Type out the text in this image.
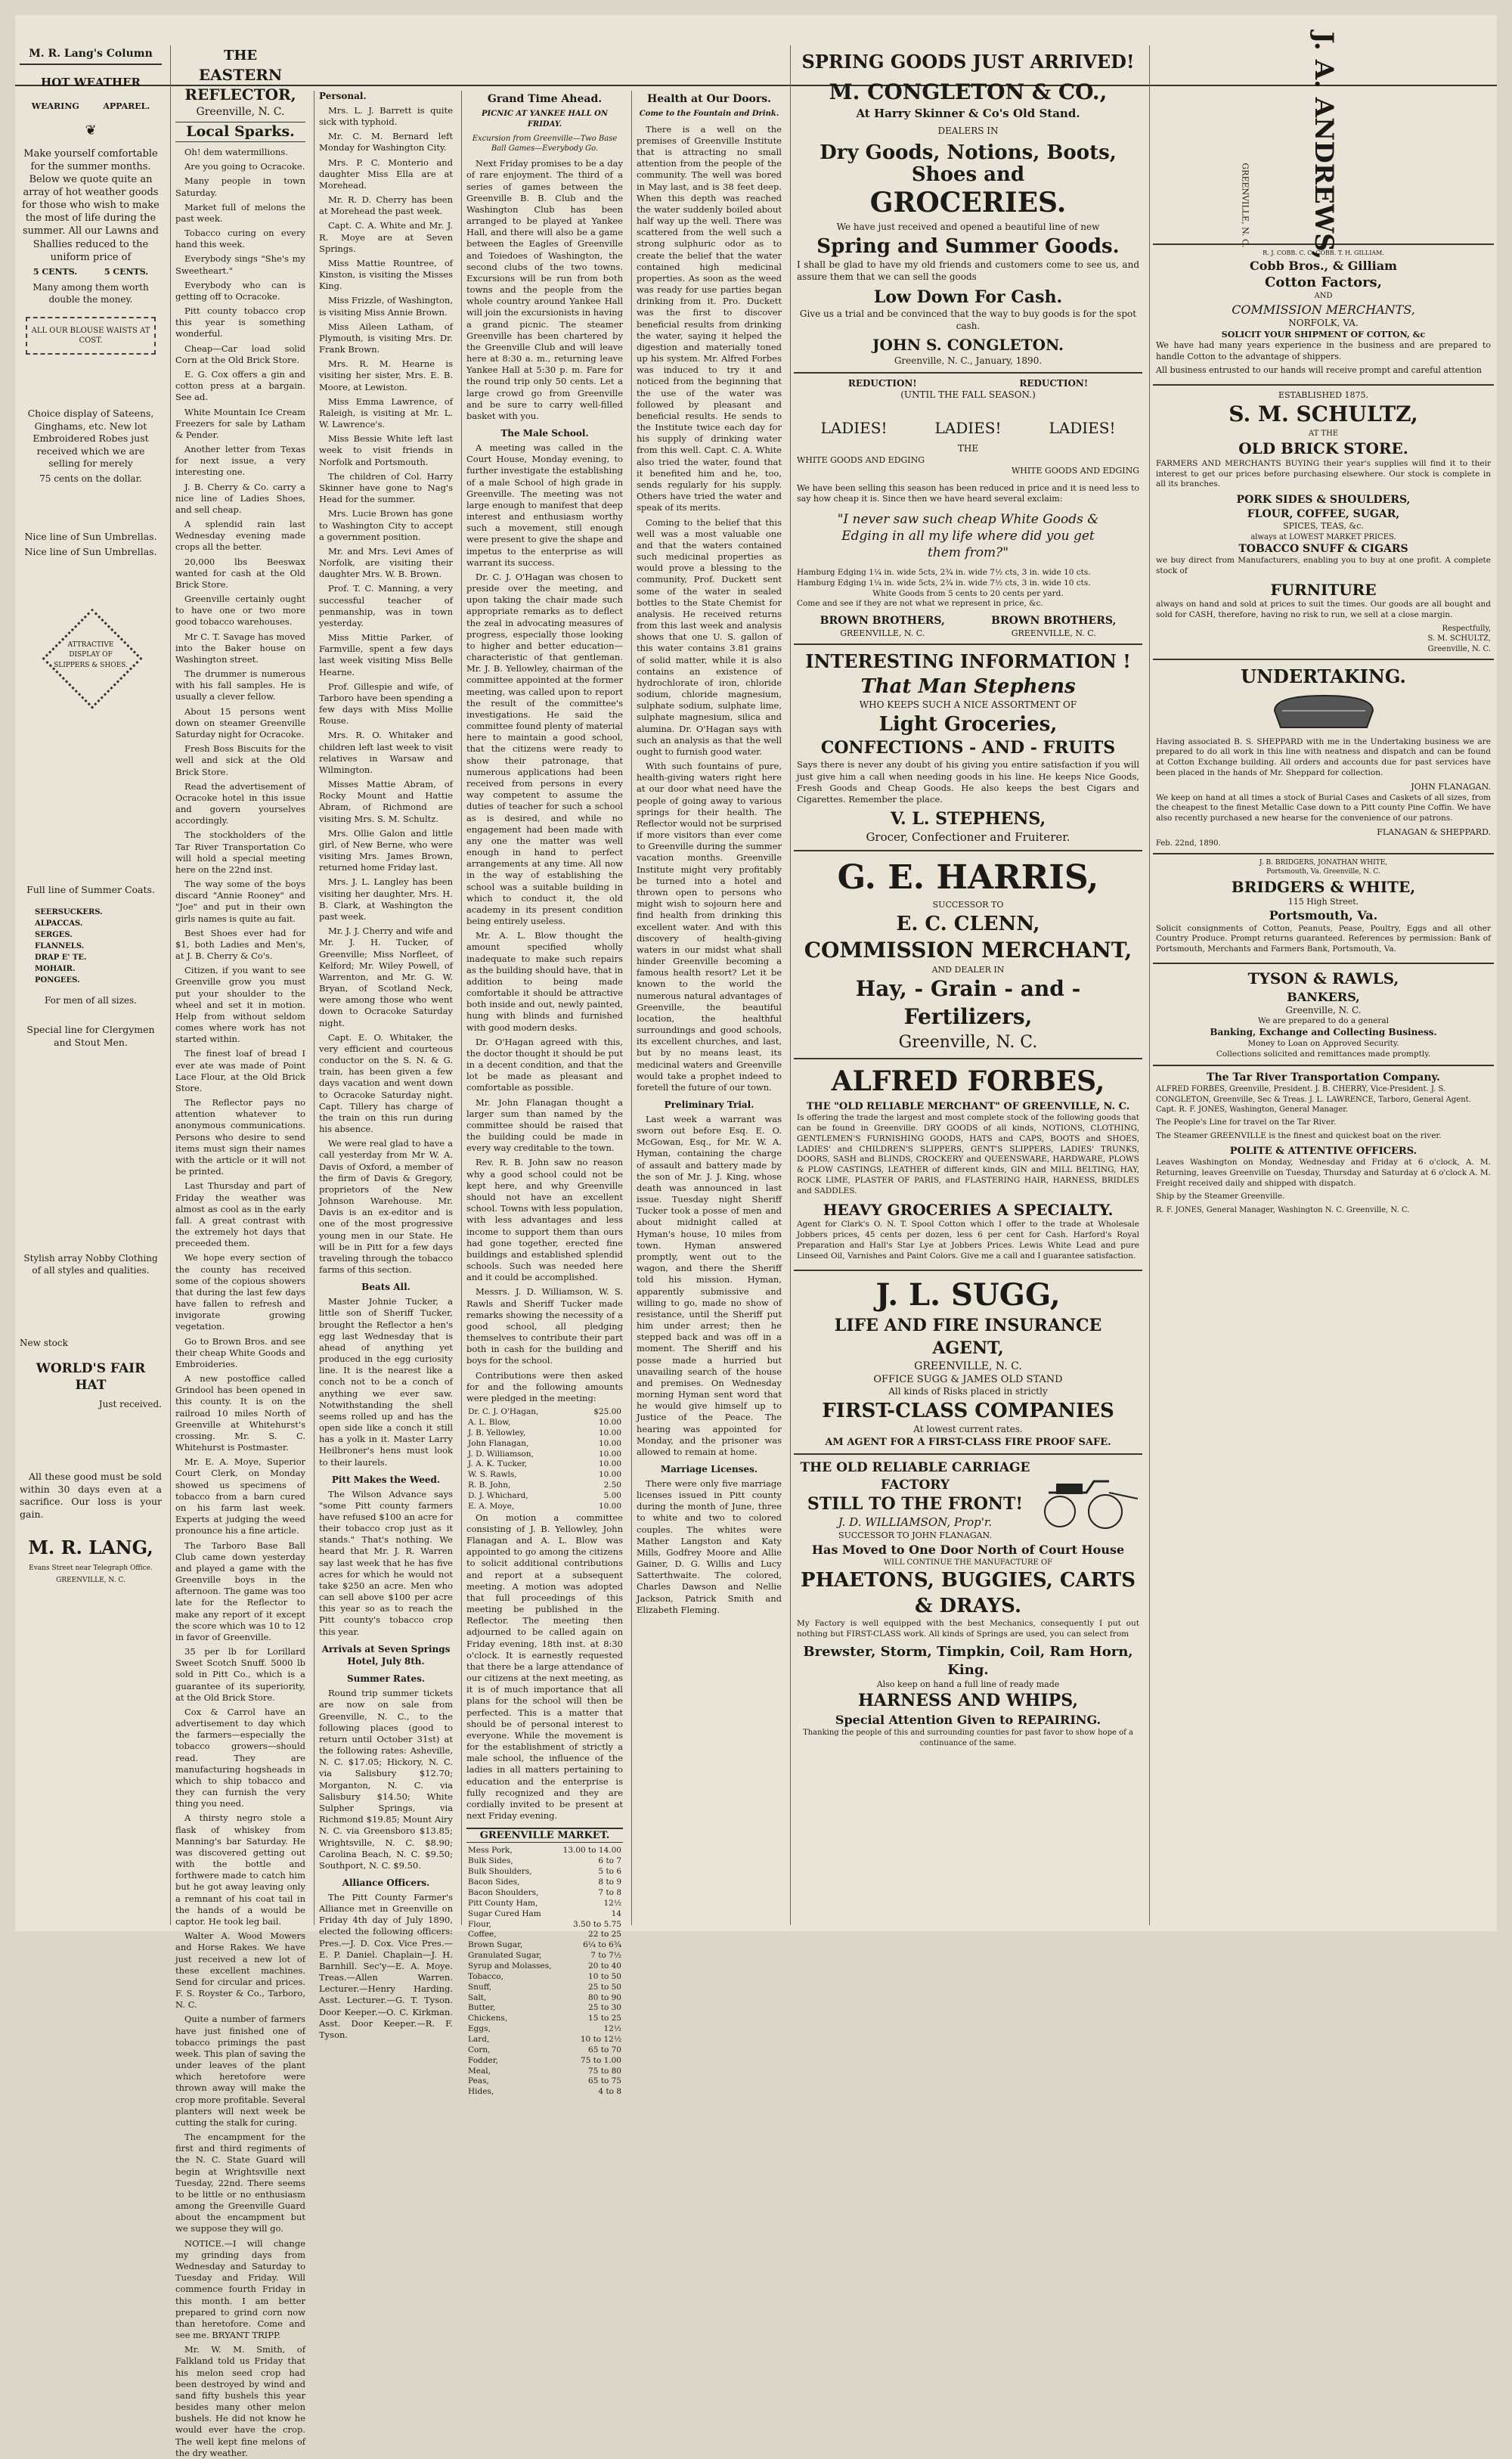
M. R. Lang's Column
HOT WEATHER
WEARING	APPAREL.
❦

Make yourself comfortable for the summer months. Below we quote quite an array of hot weather goods for those who wish to make the most of life during the summer. All our Lawns and Shallies reduced to the uniform price of

5 CENTS.	5 CENTS.

Many among them worth double the money.

ALL OUR BLOUSE WAISTS AT COST.

Choice display of Sateens, Ginghams, etc. New lot Embroidered Robes just received which we are selling for merely

75 cents on the dollar.

Nice line of Sun Umbrellas.

Nice line of Sun Umbrellas.

ATTRACTIVE
DISPLAY OF
SLIPPERS & SHOES.

Full line of Summer Coats.

SEERSUCKERS.
ALPACCAS.
SERGES.
FLANNELS.
DRAP E' TE.
MOHAIR.
PONGEES.

For men of all sizes.

Special line for Clergymen and Stout Men.

Stylish array Nobby Clothing of all styles and qualities.

New stock

WORLD'S FAIR HAT

Just received.

All these good must be sold within 30 days even at a sacrifice. Our loss is your gain.

M. R. LANG,

Evans Street near Telegraph Office.

GREENVILLE, N. C.

THE
EASTERN REFLECTOR,
Greenville, N. C.
Local Sparks.

Oh! dem watermillions.

Are you going to Ocracoke.

Many people in town Saturday.

Market full of melons the past week.

Tobacco curing on every hand this week.

Everybody sings "She's my Sweetheart."

Everybody who can is getting off to Ocracoke.

Pitt county tobacco crop this year is something wonderful.

Cheap—Car load solid Corn at the Old Brick Store.

E. G. Cox offers a gin and cotton press at a bargain. See ad.

White Mountain Ice Cream Freezers for sale by Latham & Pender.

Another letter from Texas for next issue, a very interesting one.

J. B. Cherry & Co. carry a nice line of Ladies Shoes, and sell cheap.

A splendid rain last Wednesday evening made crops all the better.

20,000 lbs Beeswax wanted for cash at the Old Brick Store.

Greenville certainly ought to have one or two more good tobacco warehouses.

Mr C. T. Savage has moved into the Baker house on Washington street.

The drummer is numerous with his fall samples. He is usually a clever fellow.

About 15 persons went down on steamer Greenville Saturday night for Ocracoke.

Fresh Boss Biscuits for the well and sick at the Old Brick Store.

Read the advertisement of Ocracoke hotel in this issue and govern yourselves accordingly.

The stockholders of the Tar River Transportation Co will hold a special meeting here on the 22nd inst.

The way some of the boys discard "Annie Rooney" and "Joe" and put in their own girls names is quite au fait.

Best Shoes ever had for $1, both Ladies and Men's, at J. B. Cherry & Co's.

Citizen, if you want to see Greenville grow you must put your shoulder to the wheel and set it in motion. Help from without seldom comes where work has not started within.

The finest loaf of bread I ever ate was made of Point Lace Flour, at the Old Brick Store.

The Reflector pays no attention whatever to anonymous communications. Persons who desire to send items must sign their names with the article or it will not be printed.

Last Thursday and part of Friday the weather was almost as cool as in the early fall. A great contrast with the extremely hot days that preceeded them.

We hope every section of the county has received some of the copious showers that during the last few days have fallen to refresh and invigorate growing vegetation.

Go to Brown Bros. and see their cheap White Goods and Embroideries.

A new postoffice called Grindool has been opened in this county. It is on the railroad 10 miles North of Greenville at Whitehurst's crossing. Mr. S. C. Whitehurst is Postmaster.

Mr. E. A. Moye, Superior Court Clerk, on Monday showed us specimens of tobacco from a barn cured on his farm last week. Experts at judging the weed pronounce his a fine article.

The Tarboro Base Ball Club came down yesterday and played a game with the Greenville boys in the afternoon. The game was too late for the Reflector to make any report of it except the score which was 10 to 12 in favor of Greenville.

35 per lb for Lorillard Sweet Scotch Snuff. 5000 lb sold in Pitt Co., which is a guarantee of its superiority, at the Old Brick Store.

Cox & Carrol have an advertisement to day which the farmers—especially the tobacco growers—should read. They are manufacturing hogsheads in which to ship tobacco and they can furnish the very thing you need.

A thirsty negro stole a flask of whiskey from Manning's bar Saturday. He was discovered getting out with the bottle and forthwere made to catch him but he got away leaving only a remnant of his coat tail in the hands of a would be captor. He took leg bail.

Walter A. Wood Mowers and Horse Rakes. We have just received a new lot of these excellent machines. Send for circular and prices. F. S. Royster & Co., Tarboro, N. C.

Quite a number of farmers have just finished one of tobacco primings the past week. This plan of saving the under leaves of the plant which heretofore were thrown away will make the crop more profitable. Several planters will next week be cutting the stalk for curing.

The encampment for the first and third regiments of the N. C. State Guard will begin at Wrightsville next Tuesday, 22nd. There seems to be little or no enthusiasm among the Greenville Guard about the encampment but we suppose they will go.

NOTICE.—I will change my grinding days from Wednesday and Saturday to Tuesday and Friday. Will commence fourth Friday in this month. I am better prepared to grind corn now than heretofore. Come and see me. BRYANT TRIPP.

Mr. W. M. Smith, of Falkland told us Friday that his melon seed crop had been destroyed by wind and sand fifty bushels this year besides many other melon bushels. He did not know he would ever have the crop. The well kept fine melons of the dry weather.

Personal.

Mrs. L. J. Barrett is quite sick with typhoid.

Mr. C. M. Bernard left Monday for Washington City.

Mrs. P. C. Monterio and daughter Miss Ella are at Morehead.

Mr. R. D. Cherry has been at Morehead the past week.

Capt. C. A. White and Mr. J. R. Moye are at Seven Springs.

Miss Mattie Rountree, of Kinston, is visiting the Misses King.

Miss Frizzle, of Washington, is visiting Miss Annie Brown.

Miss Aileen Latham, of Plymouth, is visiting Mrs. Dr. Frank Brown.

Mrs. R. M. Hearne is visiting her sister, Mrs. E. B. Moore, at Lewiston.

Miss Emma Lawrence, of Raleigh, is visiting at Mr. L. W. Lawrence's.

Miss Bessie White left last week to visit friends in Norfolk and Portsmouth.

The children of Col. Harry Skinner have gone to Nag's Head for the summer.

Mrs. Lucie Brown has gone to Washington City to accept a government position.

Mr. and Mrs. Levi Ames of Norfolk, are visiting their daughter Mrs. W. B. Brown.

Prof. T. C. Manning, a very successful teacher of penmanship, was in town yesterday.

Miss Mittie Parker, of Farmville, spent a few days last week visiting Miss Belle Hearne.

Prof. Gillespie and wife, of Tarboro have been spending a few days with Miss Mollie Rouse.

Mrs. R. O. Whitaker and children left last week to visit relatives in Warsaw and Wilmington.

Misses Mattie Abram, of Rocky Mount and Hattie Abram, of Richmond are visiting Mrs. S. M. Schultz.

Mrs. Ollie Galon and little girl, of New Berne, who were visiting Mrs. James Brown, returned home Friday last.

Mrs. J. L. Langley has been visiting her daughter, Mrs. H. B. Clark, at Washington the past week.

Mr. J. J. Cherry and wife and Mr. J. H. Tucker, of Greenville; Miss Norfleet, of Kelford; Mr. Wiley Powell, of Warrenton, and Mr. G. W. Bryan, of Scotland Neck, were among those who went down to Ocracoke Saturday night.

Capt. E. O. Whitaker, the very efficient and courteous conductor on the S. N. & G. train, has been given a few days vacation and went down to Ocracoke Saturday night. Capt. Tillery has charge of the train on this run during his absence.

We were real glad to have a call yesterday from Mr W. A. Davis of Oxford, a member of the firm of Davis & Gregory, proprietors of the New Johnson Warehouse. Mr. Davis is an ex-editor and is one of the most progressive young men in our State. He will be in Pitt for a few days traveling through the tobacco farms of this section.

Beats All.

Master Johnie Tucker, a little son of Sheriff Tucker, brought the Reflector a hen's egg last Wednesday that is ahead of anything yet produced in the egg curiosity line. It is the nearest like a conch not to be a conch of anything we ever saw. Notwithstanding the shell seems rolled up and has the open side like a conch it still has a yolk in it. Master Larry Heilbroner's hens must look to their laurels.

Pitt Makes the Weed.

The Wilson Advance says "some Pitt county farmers have refused $100 an acre for their tobacco crop just as it stands." That's nothing. We heard that Mr. J. R. Warren say last week that he has five acres for which he would not take $250 an acre. Men who can sell above $100 per acre this year so as to reach the Pitt county's tobacco crop this year.

Arrivals at Seven Springs Hotel, July 8th.
Summer Rates.

Round trip summer tickets are now on sale from Greenville, N. C., to the following places (good to return until October 31st) at the following rates: Asheville, N. C. $17.05; Hickory, N. C. via Salisbury $12.70; Morganton, N. C. via Salisbury $14.50; White Sulpher Springs, via Richmond $19.85; Mount Airy N. C. via Greensboro $13.85; Wrightsville, N. C. $8.90; Carolina Beach, N. C. $9.50; Southport, N. C. $9.50.

Alliance Officers.

The Pitt County Farmer's Alliance met in Greenville on Friday 4th day of July 1890, elected the following officers: Pres.—J. D. Cox. Vice Pres.—E. P. Daniel. Chaplain—J. H. Barnhill. Sec'y—E. A. Moye. Treas.—Allen Warren. Lecturer.—Henry Harding. Asst. Lecturer.—G. T. Tyson. Door Keeper.—O. C. Kirkman. Asst. Door Keeper.—R. F. Tyson.

Grand Time Ahead.
PICNIC AT YANKEE HALL ON FRIDAY.
Excursion from Greenville—Two Base Ball Games—Everybody Go.

Next Friday promises to be a day of rare enjoyment. The third of a series of games between the Greenville B. B. Club and the Washington Club has been arranged to be played at Yankee Hall, and there will also be a game between the Eagles of Greenville and Toiedoes of Washington, the second clubs of the two towns. Excursions will be run from both towns and the people from the whole country around Yankee Hall will join the excursionists in having a grand picnic. The steamer Greenville has been chartered by the Greenville Club and will leave here at 8:30 a. m., returning leave Yankee Hall at 5:30 p. m. Fare for the round trip only 50 cents. Let a large crowd go from Greenville and be sure to carry well-filled basket with you.

The Male School.

A meeting was called in the Court House, Monday evening, to further investigate the establishing of a male School of high grade in Greenville. The meeting was not large enough to manifest that deep interest and enthusiasm worthy such a movement, still enough were present to give the shape and impetus to the enterprise as will warrant its success.

Dr. C. J. O'Hagan was chosen to preside over the meeting, and upon taking the chair made such appropriate remarks as to deflect the zeal in advocating measures of progress, especially those looking to higher and better education—characteristic of that gentleman. Mr. J. B. Yellowley, chairman of the committee appointed at the former meeting, was called upon to report the result of the committee's investigations. He said the committee found plenty of material here to maintain a good school, that the citizens were ready to show their patronage, that numerous applications had been received from persons in every way competent to assume the duties of teacher for such a school as is desired, and while no engagement had been made with any one the matter was well enough in hand to perfect arrangements at any time. All now in the way of establishing the school was a suitable building in which to conduct it, the old academy in its present condition being entirely useless.

Mr. A. L. Blow thought the amount specified wholly inadequate to make such repairs as the building should have, that in addition to being made comfortable it should be attractive both inside and out, newly painted, hung with blinds and furnished with good modern desks.

Dr. O'Hagan agreed with this, the doctor thought it should be put in a decent condition, and that the lot be made as pleasant and comfortable as possible.

Mr. John Flanagan thought a larger sum than named by the committee should be raised that the building could be made in every way creditable to the town.

Rev. R. B. John saw no reason why a good school could not be kept here, and why Greenville should not have an excellent school. Towns with less population, with less advantages and less income to support them than ours had gone together, erected fine buildings and established splendid schools. Such was needed here and it could be accomplished.

Messrs. J. D. Williamson, W. S. Rawls and Sheriff Tucker made remarks showing the necessity of a good school, all pledging themselves to contribute their part both in cash for the building and boys for the school.

Contributions were then asked for and the following amounts were pledged in the meeting:

Dr. C. J. O'Hagan,	$25.00
A. L. Blow,	10.00
J. B. Yellowley,	10.00
John Flanagan,	10.00
J. D. Williamson,	10.00
J. A. K. Tucker,	10.00
W. S. Rawls,	10.00
R. B. John,	2.50
D. J. Whichard,	5.00
E. A. Moye,	10.00

On motion a committee consisting of J. B. Yellowley, John Flanagan and A. L. Blow was appointed to go among the citizens to solicit additional contributions and report at a subsequent meeting. A motion was adopted that full proceedings of this meeting be published in the Reflector. The meeting then adjourned to be called again on Friday evening, 18th inst. at 8:30 o'clock. It is earnestly requested that there be a large attendance of our citizens at the next meeting, as it is of much importance that all plans for the school will then be perfected. This is a matter that should be of personal interest to everyone. While the movement is for the establishment of strictly a male school, the influence of the ladies in all matters pertaining to education and the enterprise is fully recognized and they are cordially invited to be present at next Friday evening.

GREENVILLE MARKET.
Mess Pork,	13.00 to 14.00
Bulk Sides,	6 to 7
Bulk Shoulders,	5 to 6
Bacon Sides,	8 to 9
Bacon Shoulders,	7 to 8
Pitt County Ham,	12½
Sugar Cured Ham	14
Flour,	3.50 to 5.75
Coffee,	22 to 25
Brown Sugar,	6¼ to 6¾
Granulated Sugar,	7 to 7½
Syrup and Molasses,	20 to 40
Tobacco,	10 to 50
Snuff,	25 to 50
Salt,	80 to 90
Butter,	25 to 30
Chickens,	15 to 25
Eggs,	12½
Lard,	10 to 12½
Corn,	65 to 70
Fodder,	75 to 1.00
Meal,	75 to 80
Peas,	65 to 75
Hides,	4 to 8
Health at Our Doors.
Come to the Fountain and Drink.

There is a well on the premises of Greenville Institute that is attracting no small attention from the people of the community. The well was bored in May last, and is 38 feet deep. When this depth was reached the water suddenly boiled about half way up the well. There was scattered from the well such a strong sulphuric odor as to create the belief that the water contained high medicinal properties. As soon as the weed was ready for use parties began drinking from it. Pro. Duckett was the first to discover beneficial results from drinking the water, saying it helped the digestion and materially toned up his system. Mr. Alfred Forbes was induced to try it and noticed from the beginning that the use of the water was followed by pleasant and beneficial results. He sends to the Institute twice each day for his supply of drinking water from this well. Capt. C. A. White also tried the water, found that it benefited him and he, too, sends regularly for his supply. Others have tried the water and speak of its merits.

Coming to the belief that this well was a most valuable one and that the waters contained such medicinal properties as would prove a blessing to the community, Prof. Duckett sent some of the water in sealed bottles to the State Chemist for analysis. He received returns from this last week and analysis shows that one U. S. gallon of this water contains 3.81 grains of solid matter, while it is also contains an existence of hydrochlorate of iron, chloride sodium, chloride magnesium, sulphate sodium, sulphate lime, sulphate magnesium, silica and alumina. Dr. O'Hagan says with such an analysis as that the well ought to furnish good water.

With such fountains of pure, health-giving waters right here at our door what need have the people of going away to various springs for their health. The Reflector would not be surprised if more visitors than ever come to Greenville during the summer vacation months. Greenville Institute might very profitably be turned into a hotel and thrown open to persons who might wish to sojourn here and find health from drinking this excellent water. And with this discovery of health-giving waters in our midst what shall hinder Greenville becoming a famous health resort? Let it be known to the world the numerous natural advantages of Greenville, the beautiful location, the healthful surroundings and good schools, its excellent churches, and last, but by no means least, its medicinal waters and Greenville would take a prophet indeed to foretell the future of our town.

Preliminary Trial.

Last week a warrant was sworn out before Esq. E. O. McGowan, Esq., for Mr. W. A. Hyman, containing the charge of assault and battery made by the son of Mr. J. J. King, whose death was announced in last issue. Tuesday night Sheriff Tucker took a posse of men and about midnight called at Hyman's house, 10 miles from town. Hyman answered promptly, went out to the wagon, and there the Sheriff told his mission. Hyman, apparently submissive and willing to go, made no show of resistance, until the Sheriff put him under arrest; then he stepped back and was off in a moment. The Sheriff and his posse made a hurried but unavailing search of the house and premises. On Wednesday morning Hyman sent word that he would give himself up to Justice of the Peace. The hearing was appointed for Monday, and the prisoner was allowed to remain at home.

Marriage Licenses.

There were only five marriage licenses issued in Pitt county during the month of June, three to white and two to colored couples. The whites were Mather Langston and Katy Mills, Godfrey Moore and Allie Gainer, D. G. Willis and Lucy Satterthwaite. The colored, Charles Dawson and Nellie Jackson, Patrick Smith and Elizabeth Fleming.

SPRING GOODS JUST ARRIVED!
M. CONGLETON & CO.,
At Harry Skinner & Co's Old Stand.
DEALERS IN
Dry Goods, Notions, Boots, Shoes and
GROCERIES.
We have just received and opened a beautiful line of new
Spring and Summer Goods.

I shall be glad to have my old friends and customers come to see us, and assure them that we can sell the goods

Low Down For Cash.

Give us a trial and be convinced that the way to buy goods is for the spot cash.

JOHN S. CONGLETON.
Greenville, N. C., January, 1890.
REDUCTION!	REDUCTION!
(UNTIL THE FALL SEASON.)
LADIES!	LADIES!	LADIES!
THE
WHITE GOODS AND EDGING
WHITE GOODS AND EDGING

We have been selling this season has been reduced in price and it is need less to say how cheap it is. Since then we have heard several exclaim:

"I never saw such cheap White Goods & Edging in all my life where did you get them from?"

Hamburg Edging 1¼ in. wide 5cts, 2¾ in. wide 7½ cts, 3 in. wide 10 cts.
Hamburg Edging 1¼ in. wide 5cts, 2¾ in. wide 7½ cts, 3 in. wide 10 cts.
White Goods from 5 cents to 20 cents per yard.
Come and see if they are not what we represent in price, &c.
BROWN BROTHERS,	BROWN BROTHERS,
GREENVILLE, N. C.	GREENVILLE, N. C.
INTERESTING INFORMATION !
That Man Stephens
WHO KEEPS SUCH A NICE ASSORTMENT OF
Light Groceries,
CONFECTIONS - AND - FRUITS

Says there is never any doubt of his giving you entire satisfaction if you will just give him a call when needing goods in his line. He keeps Nice Goods, Fresh Goods and Cheap Goods. He also keeps the best Cigars and Cigarettes. Remember the place.

V. L. STEPHENS,
Grocer, Confectioner and Fruiterer.
G. E. HARRIS,
SUCCESSOR TO
E. C. CLENN,
COMMISSION MERCHANT,
AND DEALER IN
Hay, - Grain - and - Fertilizers,
Greenville, N. C.
ALFRED FORBES,
THE "OLD RELIABLE MERCHANT" OF GREENVILLE, N. C.

Is offering the trade the largest and most complete stock of the following goods that can be found in Greenville. DRY GOODS of all kinds, NOTIONS, CLOTHING, GENTLEMEN'S FURNISHING GOODS, HATS and CAPS, BOOTS and SHOES, LADIES' and CHILDREN'S SLIPPERS, GENT'S SLIPPERS, LADIES' TRUNKS, DOORS, SASH and BLINDS, CROCKERY and QUEENSWARE, HARDWARE, PLOWS & PLOW CASTINGS, LEATHER of different kinds, GIN and MILL BELTING, HAY, ROCK LIME, PLASTER OF PARIS, and FLASTERING HAIR, HARNESS, BRIDLES and SADDLES.

HEAVY GROCERIES A SPECIALTY.

Agent for Clark's O. N. T. Spool Cotton which I offer to the trade at Wholesale Jobbers prices, 45 cents per dozen, less 6 per cent for Cash. Harford's Royal Preparation and Hall's Star Lye at Jobbers Prices. Lewis White Lead and pure Linseed Oil, Varnishes and Paint Colors. Give me a call and I guarantee satisfaction.

J. L. SUGG,
LIFE AND FIRE INSURANCE AGENT,
GREENVILLE, N. C.
OFFICE SUGG & JAMES OLD STAND
All kinds of Risks placed in strictly
FIRST-CLASS COMPANIES
At lowest current rates.
AM AGENT FOR A FIRST-CLASS FIRE PROOF SAFE.
THE OLD RELIABLE CARRIAGE FACTORY
STILL TO THE FRONT!
J. D. WILLIAMSON, Prop'r.
SUCCESSOR TO JOHN FLANAGAN.
Has Moved to One Door North of Court House
WILL CONTINUE THE MANUFACTURE OF
PHAETONS, BUGGIES, CARTS & DRAYS.

My Factory is well equipped with the best Mechanics, consequently I put out nothing but FIRST-CLASS work. All kinds of Springs are used, you can select from

Brewster, Storm, Timpkin, Coil, Ram Horn, King.
Also keep on hand a full line of ready made
HARNESS AND WHIPS,
Special Attention Given to REPAIRING.
Thanking the people of this and surrounding counties for past favor to show hope of a continuance of the same.
J. A. ANDREWS,
GREENVILLE, N. C.
R. J. COBB. C. C. COBB. T. H. GILLIAM.
Cobb Bros., & Gilliam
Cotton Factors,
AND
COMMISSION MERCHANTS,
NORFOLK, VA.
SOLICIT YOUR SHIPMENT OF COTTON, &c

We have had many years experience in the business and are prepared to handle Cotton to the advantage of shippers.

All business entrusted to our hands will receive prompt and careful attention

ESTABLISHED 1875.
S. M. SCHULTZ,
AT THE
OLD BRICK STORE.

FARMERS AND MERCHANTS BUYING their year's supplies will find it to their interest to get our prices before purchasing elsewhere. Our stock is complete in all its branches.

PORK SIDES & SHOULDERS,
FLOUR, COFFEE, SUGAR,
SPICES, TEAS, &c.
always at LOWEST MARKET PRICES.
TOBACCO SNUFF & CIGARS

we buy direct from Manufacturers, enabling you to buy at one profit. A complete stock of

FURNITURE

always on hand and sold at prices to suit the times. Our goods are all bought and sold for CASH, therefore, having no risk to run, we sell at a close margin.

Respectfully,
S. M. SCHULTZ,
Greenville, N. C.
UNDERTAKING.

Having associated B. S. SHEPPARD with me in the Undertaking business we are prepared to do all work in this line with neatness and dispatch and can be found at Cotton Exchange building. All orders and accounts due for past services have been placed in the hands of Mr. Sheppard for collection.

JOHN FLANAGAN.

We keep on hand at all times a stock of Burial Cases and Caskets of all sizes, from the cheapest to the finest Metallic Case down to a Pitt county Pine Coffin. We have also recently purchased a new hearse for the convenience of our patrons.

FLANAGAN & SHEPPARD.
Feb. 22nd, 1890.
J. B. BRIDGERS, JONATHAN WHITE,
Portsmouth, Va. Greenville, N. C.
BRIDGERS & WHITE,
115 High Street.
Portsmouth, Va.

Solicit consignments of Cotton, Peanuts, Pease, Poultry, Eggs and all other Country Produce. Prompt returns guaranteed. References by permission: Bank of Portsmouth, Merchants and Farmers Bank, Portsmouth, Va.

TYSON & RAWLS,
BANKERS,
Greenville, N. C.
We are prepared to do a general
Banking, Exchange and Collecting Business.
Money to Loan on Approved Security.
Collections solicited and remittances made promptly.
The Tar River Transportation Company.

ALFRED FORBES, Greenville, President. J. B. CHERRY, Vice-President. J. S. CONGLETON, Greenville, Sec & Treas. J. L. LAWRENCE, Tarboro, General Agent. Capt. R. F. JONES, Washington, General Manager.

The People's Line for travel on the Tar River.

The Steamer GREENVILLE is the finest and quickest boat on the river.

POLITE & ATTENTIVE OFFICERS.

Leaves Washington on Monday, Wednesday and Friday at 6 o'clock, A. M. Returning, leaves Greenville on Tuesday, Thursday and Saturday at 6 o'clock A. M. Freight received daily and shipped with dispatch.

Ship by the Steamer Greenville.

R. F. JONES, General Manager, Washington N. C. Greenville, N. C.
